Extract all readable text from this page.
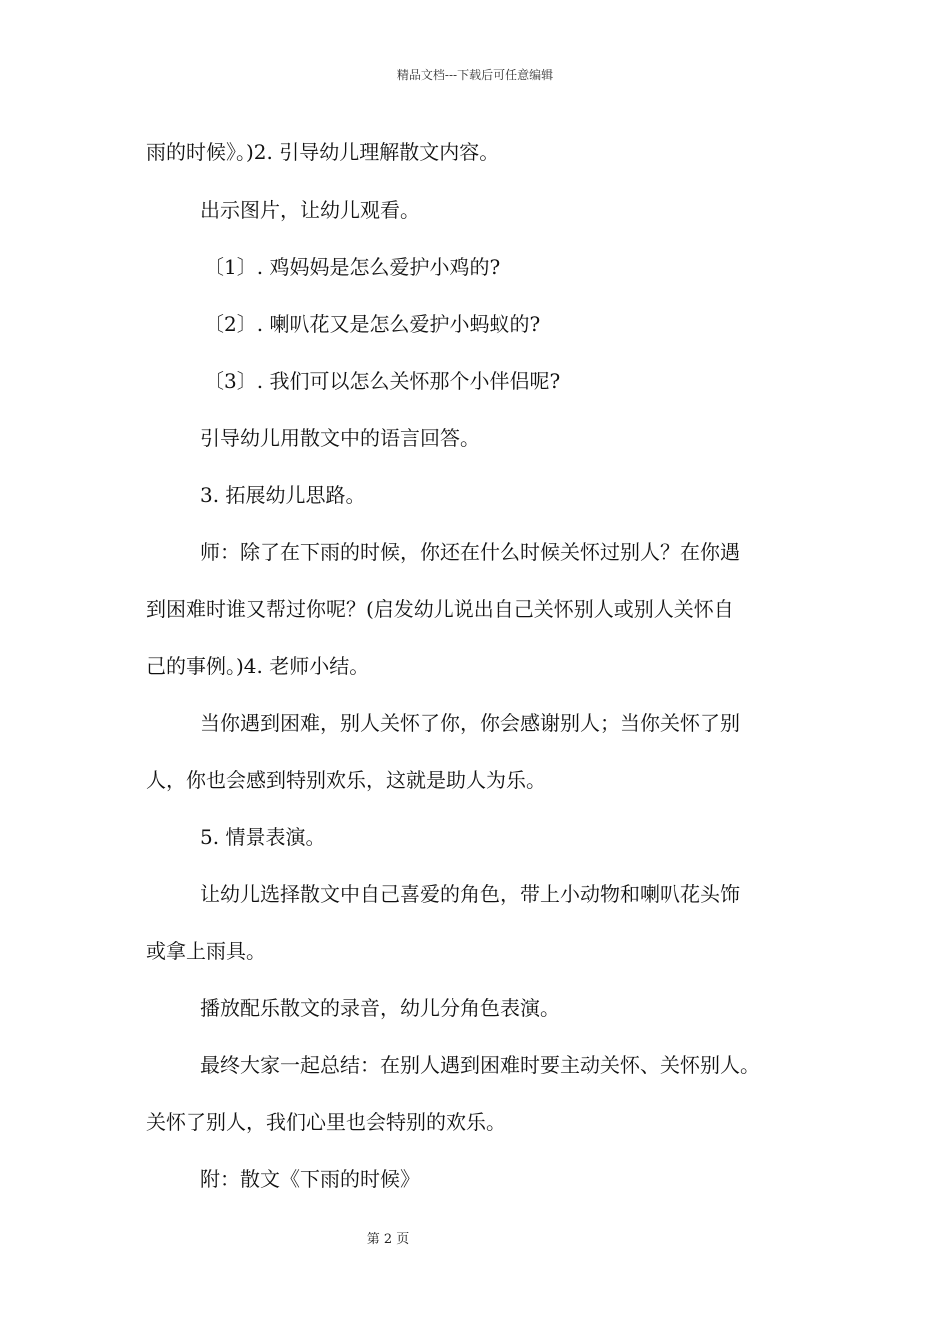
精品文档---下载后可任意编辑
雨的时候》。)2. 引导幼儿理解散文内容。
出示图片，让幼儿观看。
〔1〕. 鸡妈妈是怎么爱护小鸡的?
〔2〕. 喇叭花又是怎么爱护小蚂蚁的?
〔3〕. 我们可以怎么关怀那个小伴侣呢?
引导幼儿用散文中的语言回答。
3. 拓展幼儿思路。
师：除了在下雨的时候，你还在什么时候关怀过别人？在你遇
到困难时谁又帮过你呢？(启发幼儿说出自己关怀别人或别人关怀自
己的事例。)4. 老师小结。
当你遇到困难，别人关怀了你，你会感谢别人；当你关怀了别
人，你也会感到特别欢乐，这就是助人为乐。
5. 情景表演。
让幼儿选择散文中自己喜爱的角色，带上小动物和喇叭花头饰
或拿上雨具。
播放配乐散文的录音，幼儿分角色表演。
最终大家一起总结：在别人遇到困难时要主动关怀、关怀别人。
关怀了别人，我们心里也会特别的欢乐。
附：散文《下雨的时候》
第 2 页
